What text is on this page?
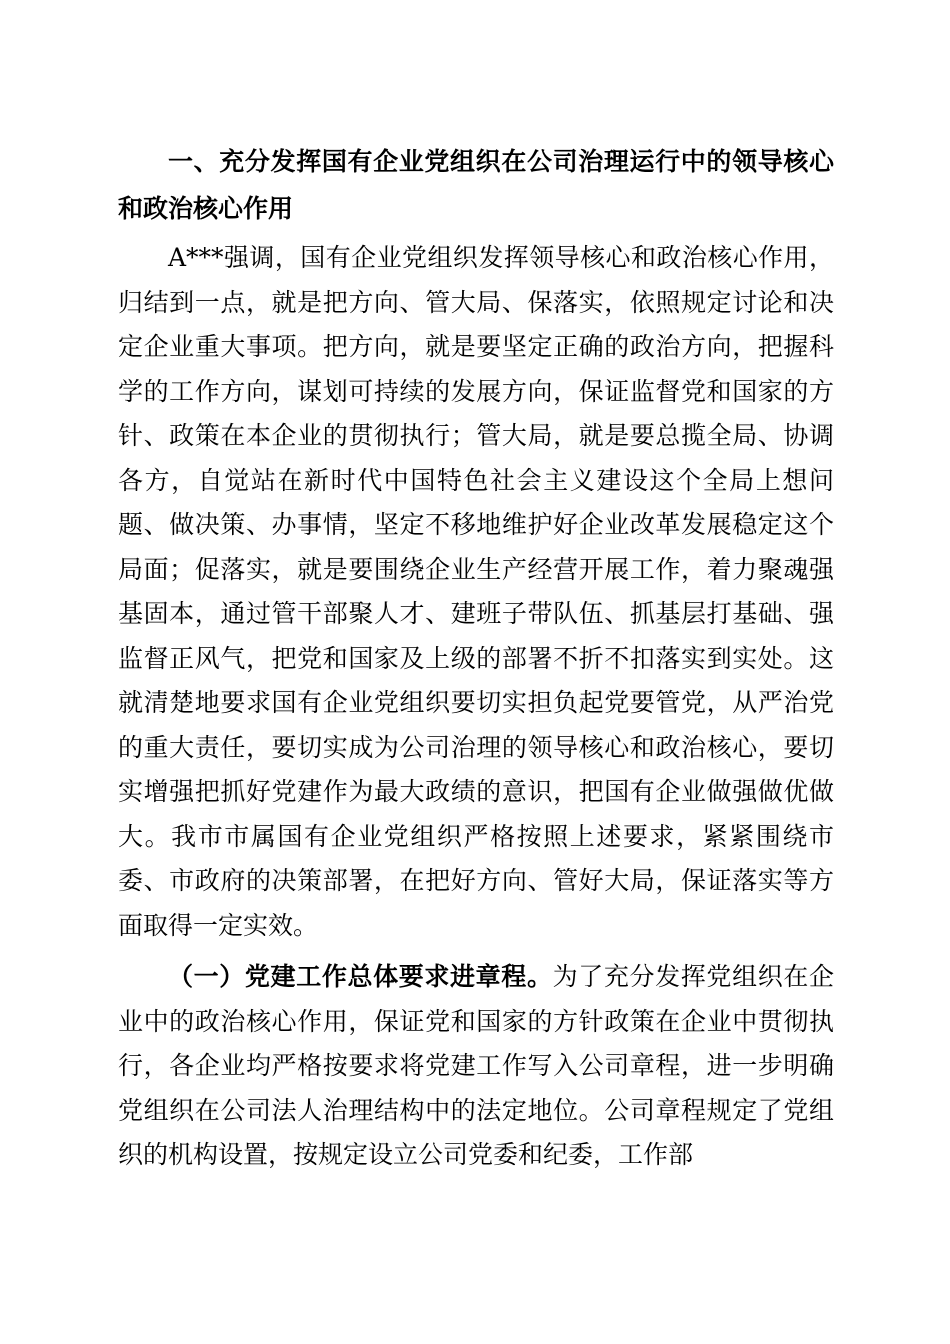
一、充分发挥国有企业党组织在公司治理运行中的领导核心和政治核心作用

A***强调，国有企业党组织发挥领导核心和政治核心作用，归结到一点，就是把方向、管大局、保落实，依照规定讨论和决定企业重大事项。把方向，就是要坚定正确的政治方向，把握科学的工作方向，谋划可持续的发展方向，保证监督党和国家的方针、政策在本企业的贯彻执行；管大局，就是要总揽全局、协调各方，自觉站在新时代中国特色社会主义建设这个全局上想问题、做决策、办事情，坚定不移地维护好企业改革发展稳定这个局面；促落实，就是要围绕企业生产经营开展工作，着力聚魂强基固本，通过管干部聚人才、建班子带队伍、抓基层打基础、强监督正风气，把党和国家及上级的部署不折不扣落实到实处。这就清楚地要求国有企业党组织要切实担负起党要管党，从严治党的重大责任，要切实成为公司治理的领导核心和政治核心，要切实增强把抓好党建作为最大政绩的意识，把国有企业做强做优做大。我市市属国有企业党组织严格按照上述要求，紧紧围绕市委、市政府的决策部署，在把好方向、管好大局，保证落实等方面取得一定实效。

（一）党建工作总体要求进章程。为了充分发挥党组织在企业中的政治核心作用，保证党和国家的方针政策在企业中贯彻执行，各企业均严格按要求将党建工作写入公司章程，进一步明确党组织在公司法人治理结构中的法定地位。公司章程规定了党组织的机构设置，按规定设立公司党委和纪委，工作部
